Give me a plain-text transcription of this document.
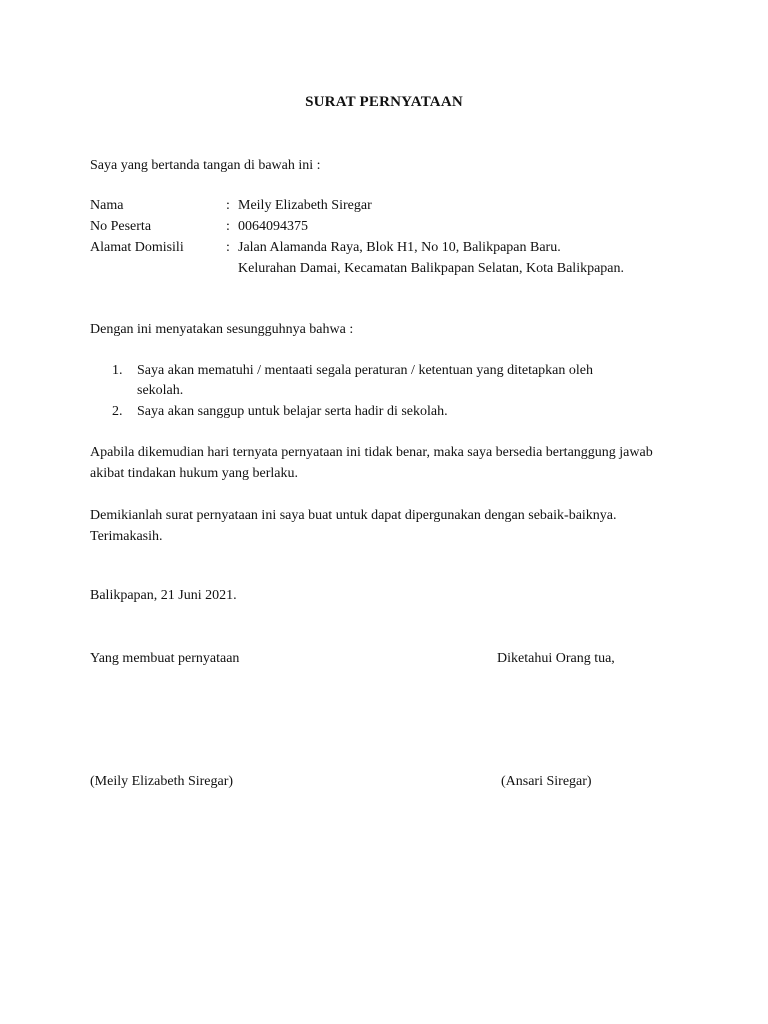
SURAT PERNYATAAN
Saya yang bertanda tangan di bawah ini :
Nama	: Meily Elizabeth Siregar
No Peserta	: 0064094375
Alamat Domisili	: Jalan Alamanda Raya, Blok H1, No 10, Balikpapan Baru.
Kelurahan Damai, Kecamatan Balikpapan Selatan, Kota Balikpapan.
Dengan ini menyatakan sesungguhnya bahwa :
1. Saya akan mematuhi / mentaati segala peraturan / ketentuan yang ditetapkan oleh sekolah.
2. Saya akan sanggup untuk belajar serta hadir di sekolah.
Apabila dikemudian hari ternyata pernyataan ini tidak benar, maka saya bersedia bertanggung jawab akibat tindakan hukum yang berlaku.
Demikianlah surat pernyataan ini saya buat untuk dapat dipergunakan dengan sebaik-baiknya. Terimakasih.
Balikpapan, 21 Juni 2021.
Yang membuat pernyataan	Diketahui Orang tua,
(Meily Elizabeth Siregar)	(Ansari Siregar)
